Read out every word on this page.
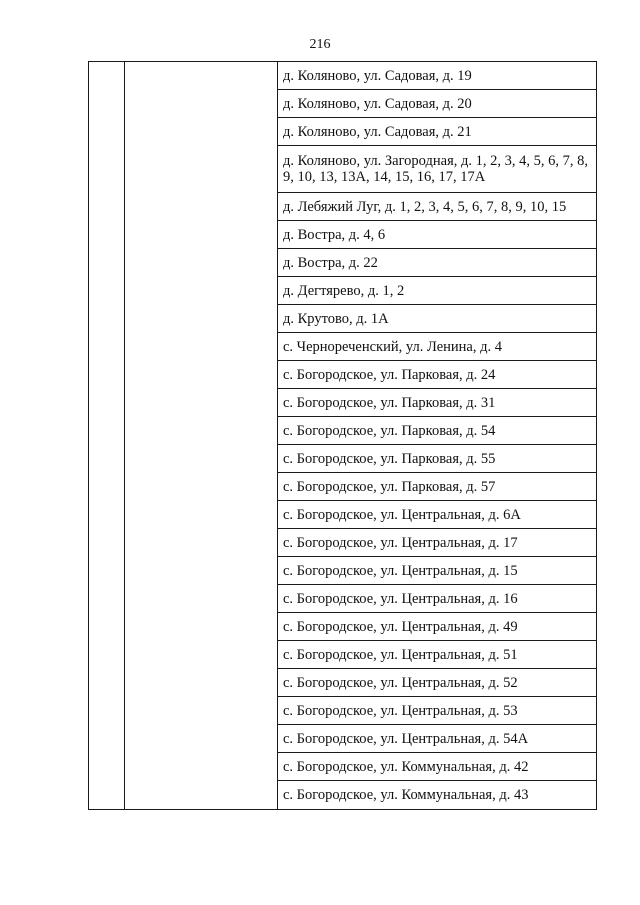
216
		д. Коляново, ул. Садовая, д. 19
д. Коляново, ул. Садовая, д. 20
д. Коляново, ул. Садовая, д. 21
д. Коляново, ул. Загородная, д. 1, 2, 3, 4, 5, 6, 7, 8, 9, 10, 13, 13А, 14, 15, 16, 17, 17А
д. Лебяжий Луг, д. 1, 2, 3, 4, 5, 6, 7, 8, 9, 10, 15
д. Востра, д. 4, 6
д. Востра, д. 22
д. Дегтярево, д. 1, 2
д. Крутово, д. 1А
с. Чернореченский, ул. Ленина, д. 4
с. Богородское, ул. Парковая, д. 24
с. Богородское, ул. Парковая, д. 31
с. Богородское, ул. Парковая, д. 54
с. Богородское, ул. Парковая, д. 55
с. Богородское, ул. Парковая, д. 57
с. Богородское, ул. Центральная, д. 6А
с. Богородское, ул. Центральная, д. 17
с. Богородское, ул. Центральная, д. 15
с. Богородское, ул. Центральная, д. 16
с. Богородское, ул. Центральная, д. 49
с. Богородское, ул. Центральная, д. 51
с. Богородское, ул. Центральная, д. 52
с. Богородское, ул. Центральная, д. 53
с. Богородское, ул. Центральная, д. 54А
с. Богородское, ул. Коммунальная, д. 42
с. Богородское, ул. Коммунальная, д. 43
